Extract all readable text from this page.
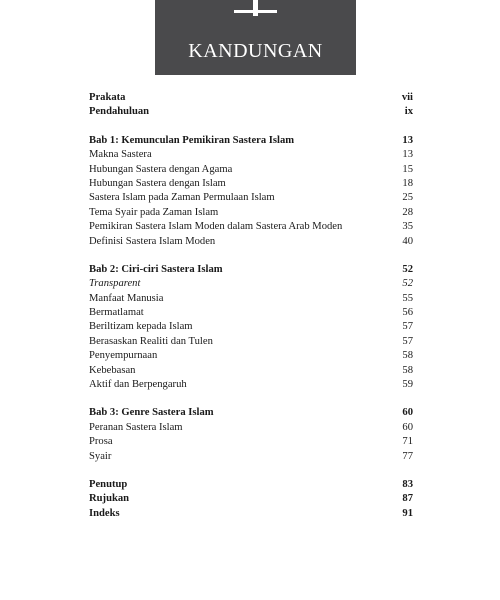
KANDUNGAN
Prakata	vii
Pendahuluan	ix
Bab 1: Kemunculan Pemikiran Sastera Islam	13
Makna Sastera	13
Hubungan Sastera dengan Agama	15
Hubungan Sastera dengan Islam	18
Sastera Islam pada Zaman Permulaan Islam	25
Tema Syair pada Zaman Islam	28
Pemikiran Sastera Islam Moden dalam Sastera Arab Moden	35
Definisi Sastera Islam Moden	40
Bab 2: Ciri-ciri Sastera Islam	52
Transparent	52
Manfaat Manusia	55
Bermatlamat	56
Beriltizam kepada Islam	57
Berasaskan Realiti dan Tulen	57
Penyempurnaan	58
Kebebasan	58
Aktif dan Berpengaruh	59
Bab 3: Genre Sastera Islam	60
Peranan Sastera Islam	60
Prosa	71
Syair	77
Penutup	83
Rujukan	87
Indeks	91
